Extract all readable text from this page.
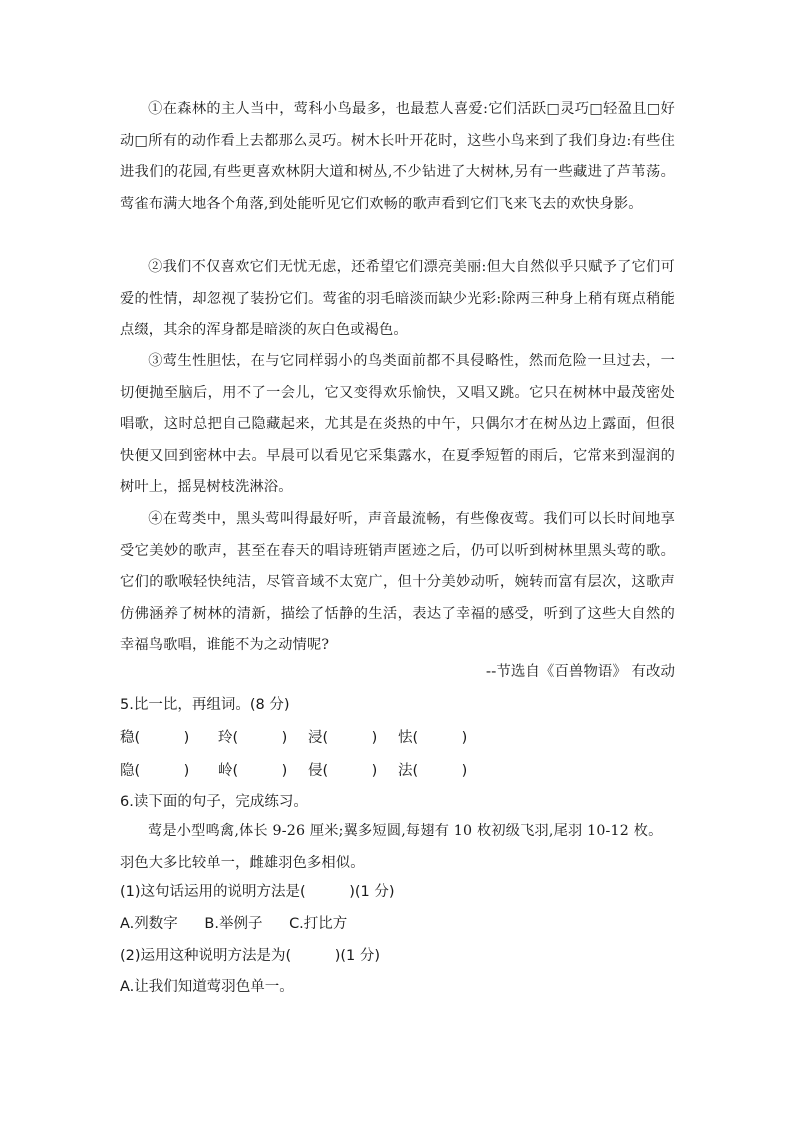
①在森林的主人当中，莺科小鸟最多，也最惹人喜爱:它们活跃□灵巧□轻盈且□好动□所有的动作看上去都那么灵巧。树木长叶开花时，这些小鸟来到了我们身边:有些住进我们的花园,有些更喜欢林阴大道和树丛,不少钻进了大树林,另有一些藏进了芦苇荡。莺雀布满大地各个角落,到处能听见它们欢畅的歌声看到它们飞来飞去的欢快身影。

②我们不仅喜欢它们无忧无虑，还希望它们漂亮美丽:但大自然似乎只赋予了它们可爱的性情，却忽视了装扮它们。莺雀的羽毛暗淡而缺少光彩:除两三种身上稍有斑点稍能点缀，其余的浑身都是暗淡的灰白色或褐色。

③莺生性胆怯，在与它同样弱小的鸟类面前都不具侵略性，然而危险一旦过去，一切便抛至脑后，用不了一会儿，它又变得欢乐愉快，又唱又跳。它只在树林中最茂密处唱歌，这时总把自己隐藏起来，尤其是在炎热的中午，只偶尔才在树丛边上露面，但很快便又回到密林中去。早晨可以看见它采集露水，在夏季短暂的雨后，它常来到湿润的树叶上，摇晃树枝洗淋浴。

④在莺类中，黑头莺叫得最好听，声音最流畅，有些像夜莺。我们可以长时间地享受它美妙的歌声，甚至在春天的唱诗班销声匿迹之后，仍可以听到树林里黑头莺的歌。它们的歌喉轻快纯洁，尽管音域不太宽广，但十分美妙动听，婉转而富有层次，这歌声仿佛涵养了树林的清新，描绘了恬静的生活，表达了幸福的感受，听到了这些大自然的幸福鸟歌唱，谁能不为之动情呢?

--节选自《百兽物语》 有改动
5.比一比，再组词。(8 分)
稳(　　　) 玲(　　　) 浸(　　　) 怯(　　　)
隐(　　　) 岭(　　　) 侵(　　　) 法(　　　)
6.读下面的句子，完成练习。

莺是小型鸣禽,体长 9-26 厘米;翼多短圆,每翅有 10 枚初级飞羽,尾羽 10-12 枚。羽色大多比较单一，雌雄羽色多相似。

(1)这句话运用的说明方法是(　　　)(1 分)
A.列数字 B.举例子 C.打比方
(2)运用这种说明方法是为(　　　)(1 分)
A.让我们知道莺羽色单一。
